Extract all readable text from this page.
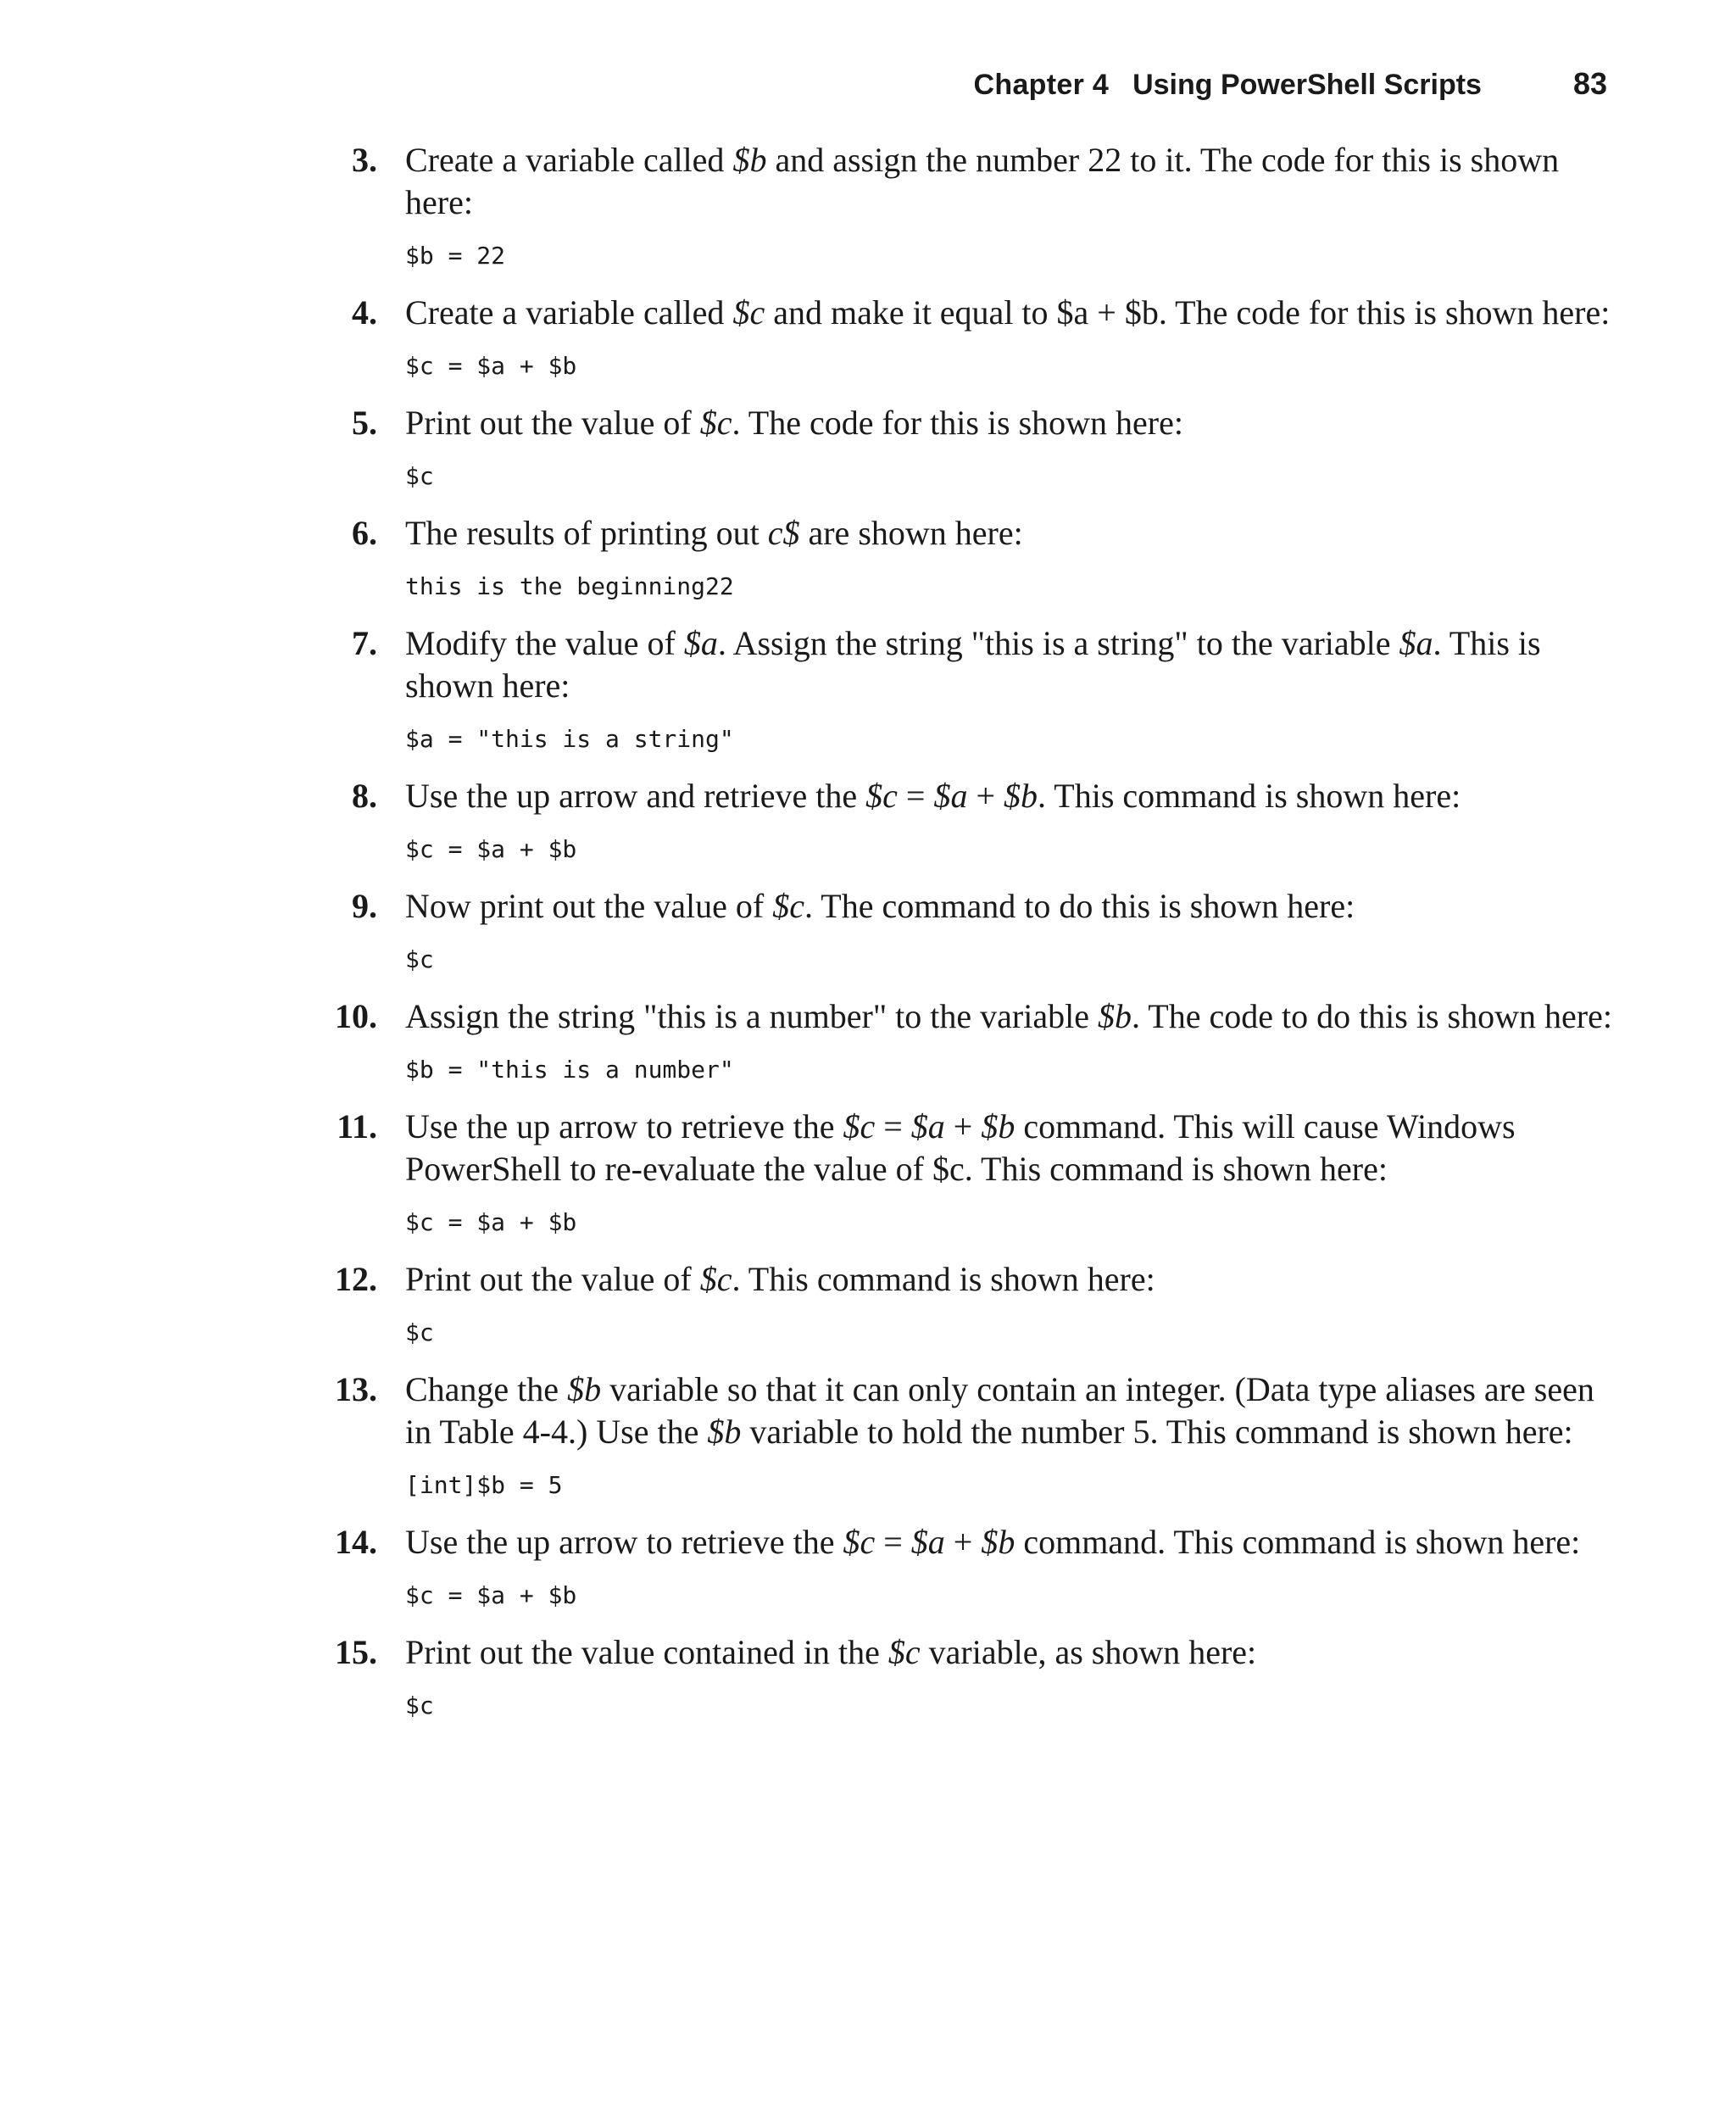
Chapter 4 Using PowerShell Scripts	83
3. Create a variable called $b and assign the number 22 to it. The code for this is shown here:
$b = 22
4. Create a variable called $c and make it equal to $a + $b. The code for this is shown here:
$c = $a + $b
5. Print out the value of $c. The code for this is shown here:
$c
6. The results of printing out c$ are shown here:
this is the beginning22
7. Modify the value of $a. Assign the string "this is a string" to the variable $a. This is shown here:
$a = "this is a string"
8. Use the up arrow and retrieve the $c = $a + $b. This command is shown here:
$c = $a + $b
9. Now print out the value of $c. The command to do this is shown here:
$c
10. Assign the string "this is a number" to the variable $b. The code to do this is shown here:
$b = "this is a number"
11. Use the up arrow to retrieve the $c = $a + $b command. This will cause Windows PowerShell to re-evaluate the value of $c. This command is shown here:
$c = $a + $b
12. Print out the value of $c. This command is shown here:
$c
13. Change the $b variable so that it can only contain an integer. (Data type aliases are seen in Table 4-4.) Use the $b variable to hold the number 5. This command is shown here:
[int]$b = 5
14. Use the up arrow to retrieve the $c = $a + $b command. This command is shown here:
$c = $a + $b
15. Print out the value contained in the $c variable, as shown here:
$c
